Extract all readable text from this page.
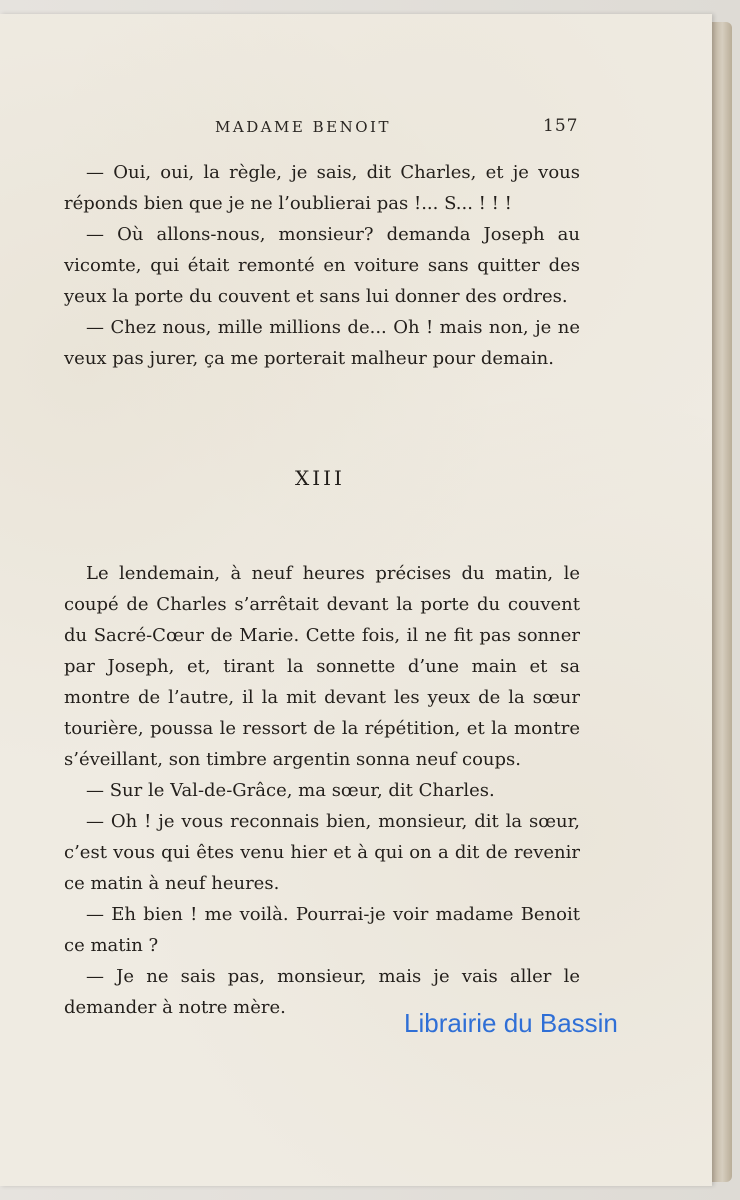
MADAME BENOIT	157

— Oui, oui, la règle, je sais, dit Charles, et je vous réponds bien que je ne l’oublierai pas !... S... ! ! !

— Où allons-nous, monsieur? demanda Joseph au vicomte, qui était remonté en voiture sans quitter des yeux la porte du couvent et sans lui donner des ordres.

— Chez nous, mille millions de... Oh ! mais non, je ne veux pas jurer, ça me porterait malheur pour demain.

XIII

Le lendemain, à neuf heures précises du matin, le coupé de Charles s’arrêtait devant la porte du couvent du Sacré-Cœur de Marie. Cette fois, il ne fit pas sonner par Joseph, et, tirant la sonnette d’une main et sa montre de l’autre, il la mit devant les yeux de la sœur tourière, poussa le ressort de la répétition, et la montre s’éveillant, son timbre argentin sonna neuf coups.

— Sur le Val-de-Grâce, ma sœur, dit Charles.

— Oh ! je vous reconnais bien, monsieur, dit la sœur, c’est vous qui êtes venu hier et à qui on a dit de revenir ce matin à neuf heures.

— Eh bien ! me voilà. Pourrai-je voir madame Benoit ce matin ?

— Je ne sais pas, monsieur, mais je vais aller le demander à notre mère.

Librairie du Bassin
